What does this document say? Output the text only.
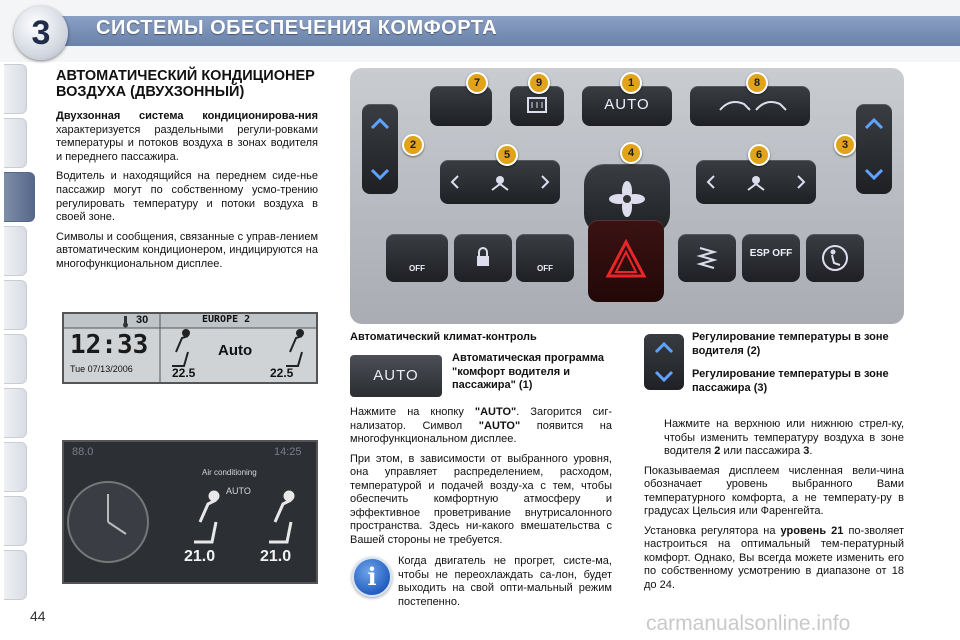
3	СИСТЕМЫ ОБЕСПЕЧЕНИЯ КОМФОРТА
АВТОМАТИЧЕСКИЙ КОНДИЦИОНЕР ВОЗДУХА (ДВУХЗОННЫЙ)

Двухзонная система кондиционирова-ния характеризуется раздельными регули-ровками температуры и потоков воздуха в зонах водителя и переднего пассажира.

Водитель и находящийся на переднем сиде-нье пассажир могут по собственному усмо-трению регулировать температуру и потоки воздуха в своей зоне.

Символы и сообщения, связанные с управ-лением автоматическим кондиционером, индицируются на многофункциональном дисплее.

30	EUROPE 2
12:33
Tue 07/13/2006
Auto
22.5	22.5
88.0	14:25
Air conditioning
AUTO
21.0	21.0
AUTO
OFF	OFF
ESP OFF
7	9	1	8
2
5	4	6
3
Автоматический климат-контроль
AUTO
Автоматическая программа "комфорт водителя и пассажира" (1)

Нажмите на кнопку "AUTO". Загорится сиг-нализатор. Символ "AUTO" появится на многофункциональном дисплее.

При этом, в зависимости от выбранного уровня, она управляет распределением, расходом, температурой и подачей возду-ха с тем, чтобы обеспечить комфортную атмосферу и эффективное проветривание внутрисалонного пространства. Здесь ни-какого вмешательства с Вашей стороны не требуется.

i
Когда двигатель не прогрет, систе-ма, чтобы не переохлаждать са-лон, будет выходить на свой опти-мальный режим постепенно.

Регулирование температуры в зоне водителя (2)

Регулирование температуры в зоне пассажира (3)

Нажмите на верхнюю или нижнюю стрел-ку, чтобы изменить температуру воздуха в зоне водителя 2 или пассажира 3.

Показываемая дисплеем численная вели-чина обозначает уровень выбранного Вами температурного комфорта, а не температу-ру в градусах Цельсия или Фаренгейта.

Установка регулятора на уровень 21 по-зволяет настроиться на оптимальный тем-пературный комфорт. Однако, Вы всегда можете изменить его по собственному усмотрению в диапазоне от 18 до 24.

44	carmanualsonline.info
